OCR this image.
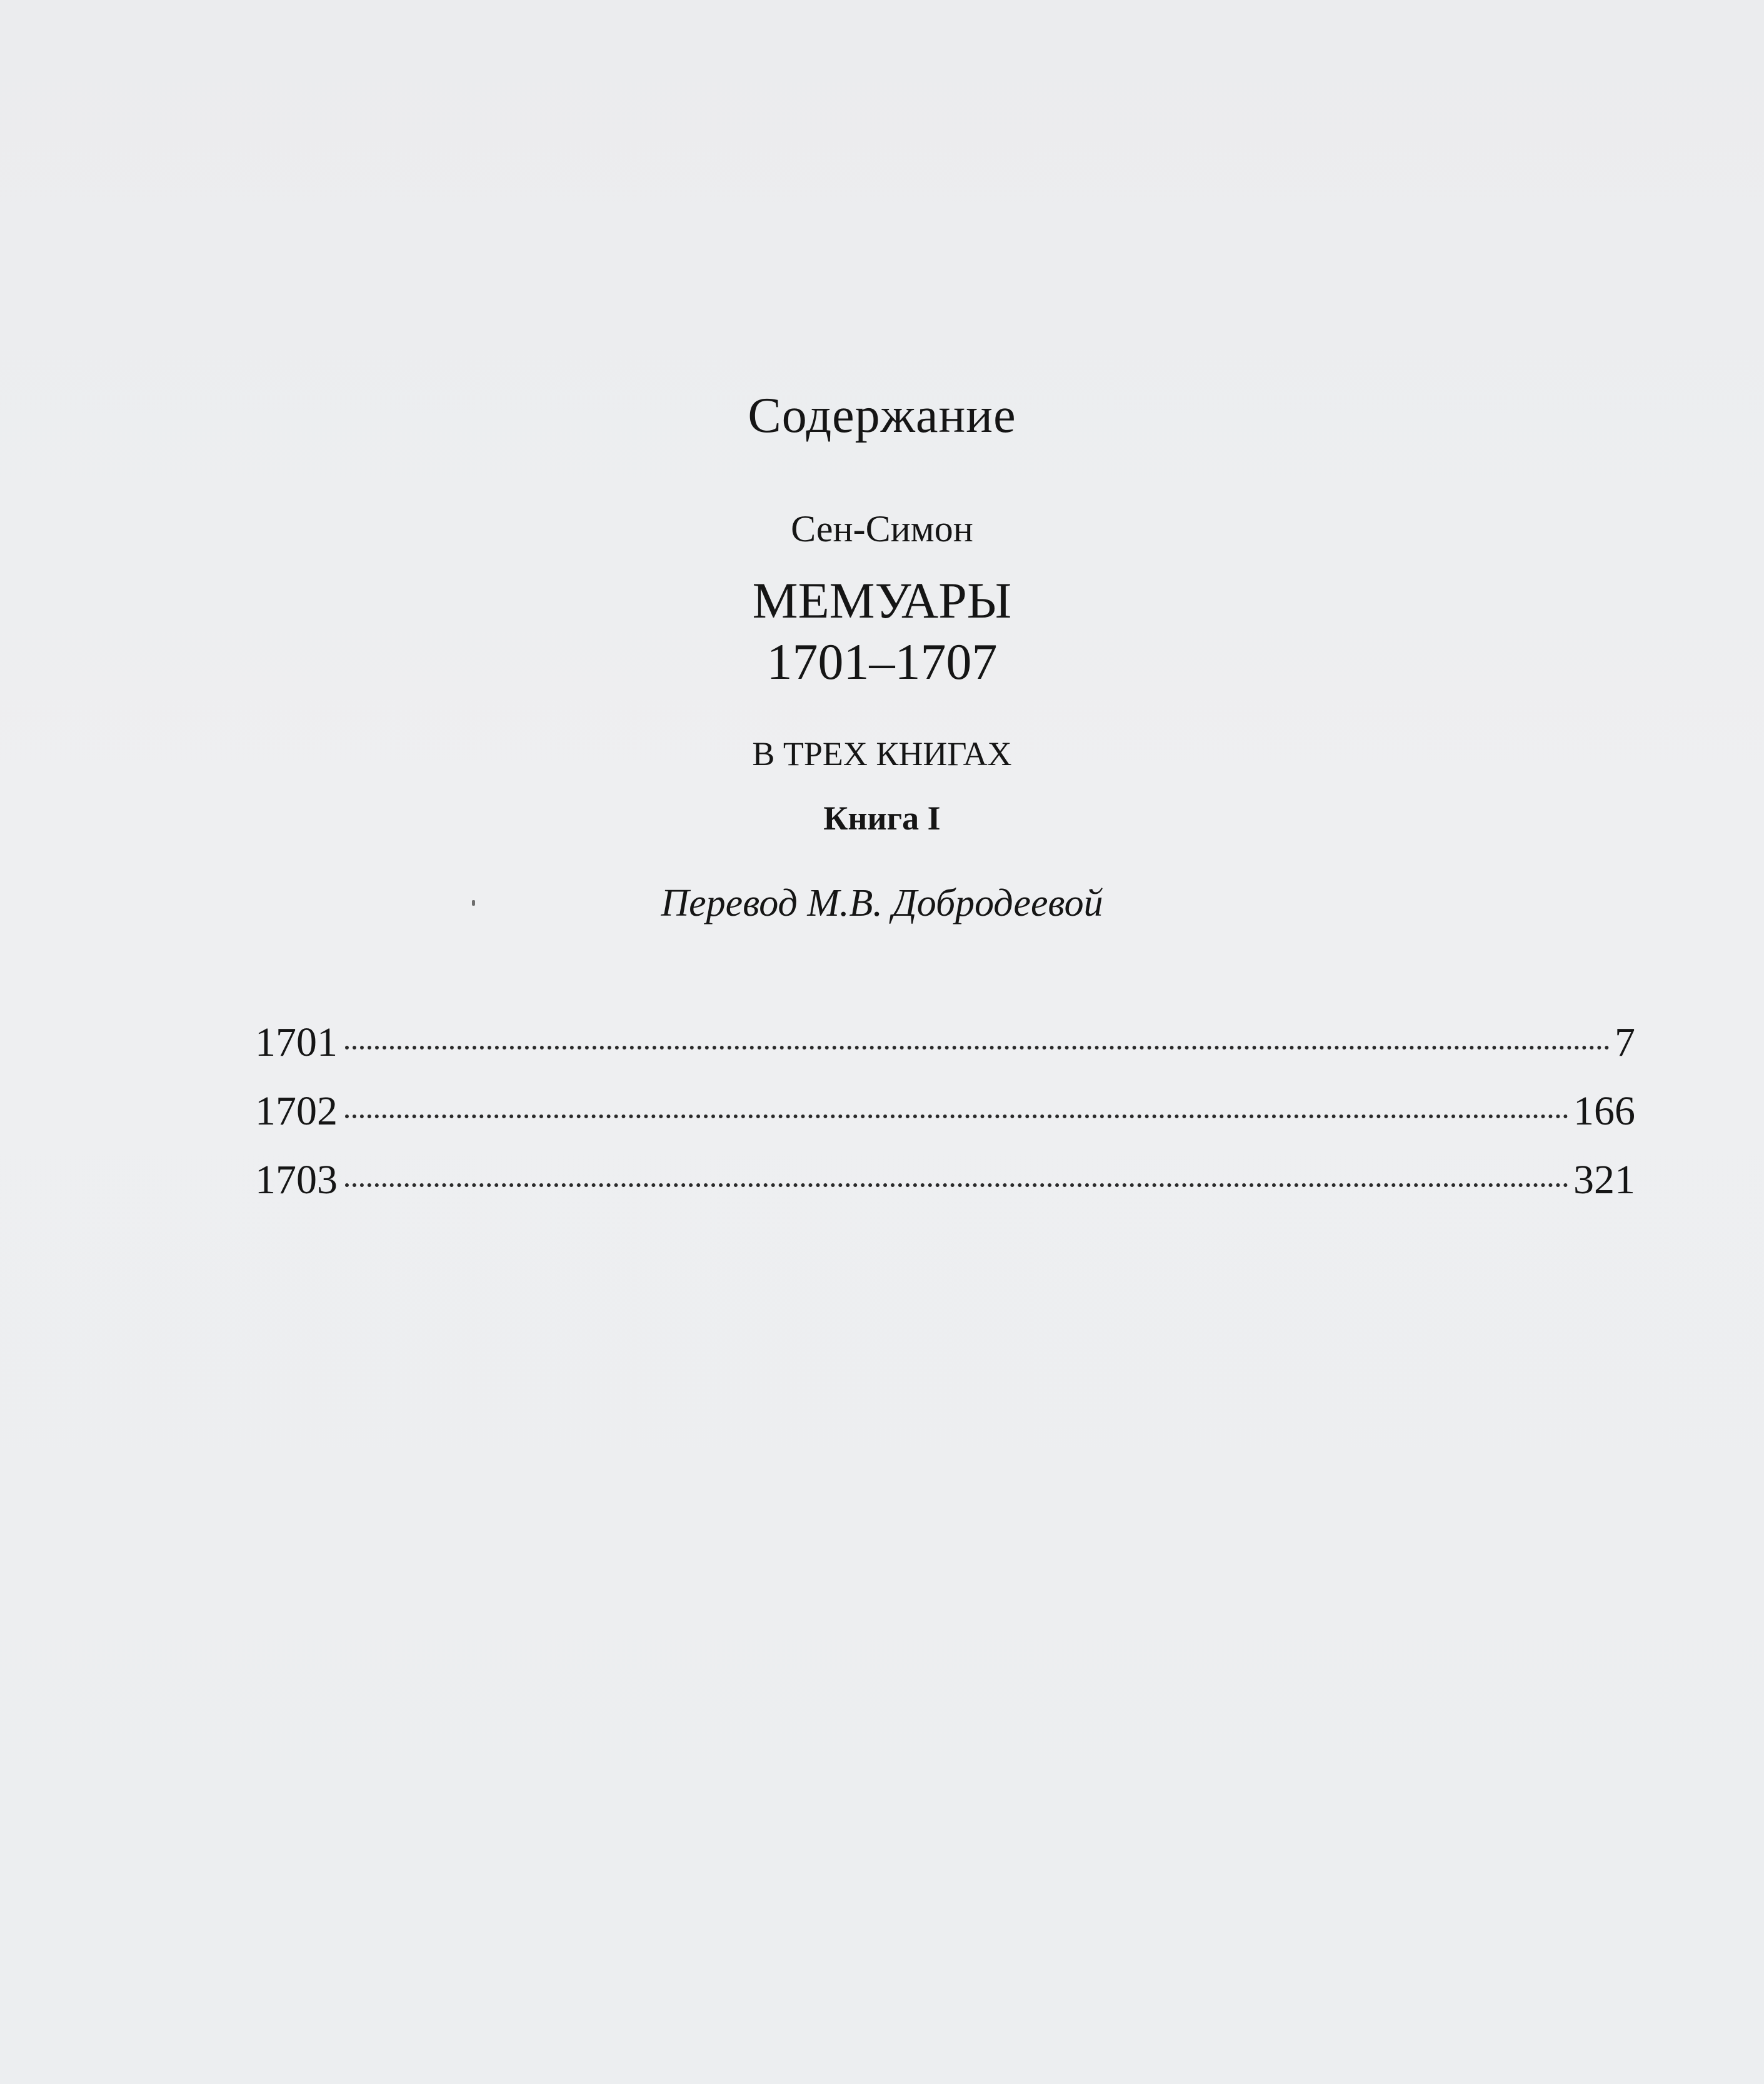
Содержание
Сен-Симон
МЕМУАРЫ
1701–1707
В ТРЕХ КНИГАХ
Книга I
Перевод М.В. Добродеевой
1701	7
1702	166
1703	321
